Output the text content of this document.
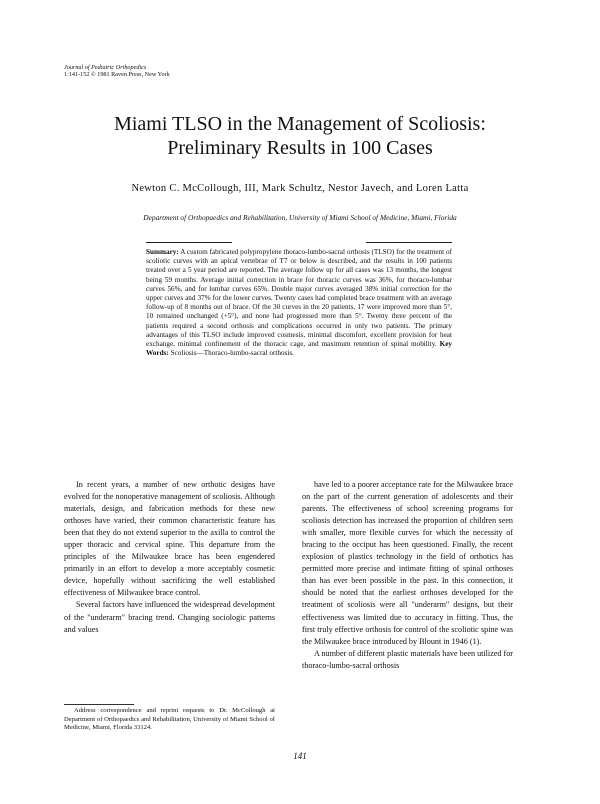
Journal of Pediatric Orthopedics
1:141-152 © 1981 Raven Press, New York
Miami TLSO in the Management of Scoliosis:
Preliminary Results in 100 Cases
Newton C. McCollough, III, Mark Schultz, Nestor Javech, and Loren Latta
Department of Orthopaedics and Rehabilitation, University of Miami School of Medicine, Miami, Florida
Summary: A custom fabricated polypropylene thoraco-lumbo-sacral orthosis (TLSO) for the treatment of scoliotic curves with an apical vertebrae of T7 or below is described, and the results in 100 patients treated over a 5 year period are reported. The average follow up for all cases was 13 months, the longest being 59 months. Average initial correction in brace for thoracic curves was 36%, for thoraco-lumbar curves 56%, and for lumbar curves 65%. Double major curves averaged 38% initial correction for the upper curves and 37% for the lower curves. Twenty cases had completed brace treatment with an average follow-up of 8 months out of brace. Of the 30 curves in the 20 patients, 17 were improved more than 5°, 10 remained unchanged (+5°), and none had progressed more than 5°. Twenty three percent of the patients required a second orthosis and complications occurred in only two patients. The primary advantages of this TLSO include improved cosmesis, minimal discomfort, excellent provision for heat exchange, minimal confinement of the thoracic cage, and maximum retention of spinal mobility. Key Words: Scoliosis—Thoraco-lumbo-sacral orthosis.

In recent years, a number of new orthotic designs have evolved for the nonoperative management of scoliosis. Although materials, design, and fabrication methods for these new orthoses have varied, their common characteristic feature has been that they do not extend superior to the axilla to control the upper thoracic and cervical spine. This departure from the principles of the Milwaukee brace has been engendered primarily in an effort to develop a more acceptably cosmetic device, hopefully without sacrificing the well established effectiveness of Milwaukee brace control.

Several factors have influenced the widespread development of the "underarm" bracing trend. Changing sociologic patterns and values

have led to a poorer acceptance rate for the Milwaukee brace on the part of the current generation of adolescents and their parents. The effectiveness of school screening programs for scoliosis detection has increased the proportion of children seen with smaller, more flexible curves for which the necessity of bracing to the occiput has been questioned. Finally, the recent explosion of plastics technology in the field of orthotics has permitted more precise and intimate fitting of spinal orthoses than has ever been possible in the past. In this connection, it should be noted that the earliest orthoses developed for the treatment of scoliosis were all "underarm" designs, but their effectiveness was limited due to accuracy in fitting. Thus, the first truly effective orthosis for control of the scoliotic spine was the Milwaukee brace introduced by Blount in 1946 (1).

A number of different plastic materials have been utilized for thoraco-lumbo-sacral orthosis

Address correspondence and reprint requests to Dr. McCollough at Department of Orthopaedics and Rehabilitation, University of Miami School of Medicine, Miami, Florida 33124.
141
